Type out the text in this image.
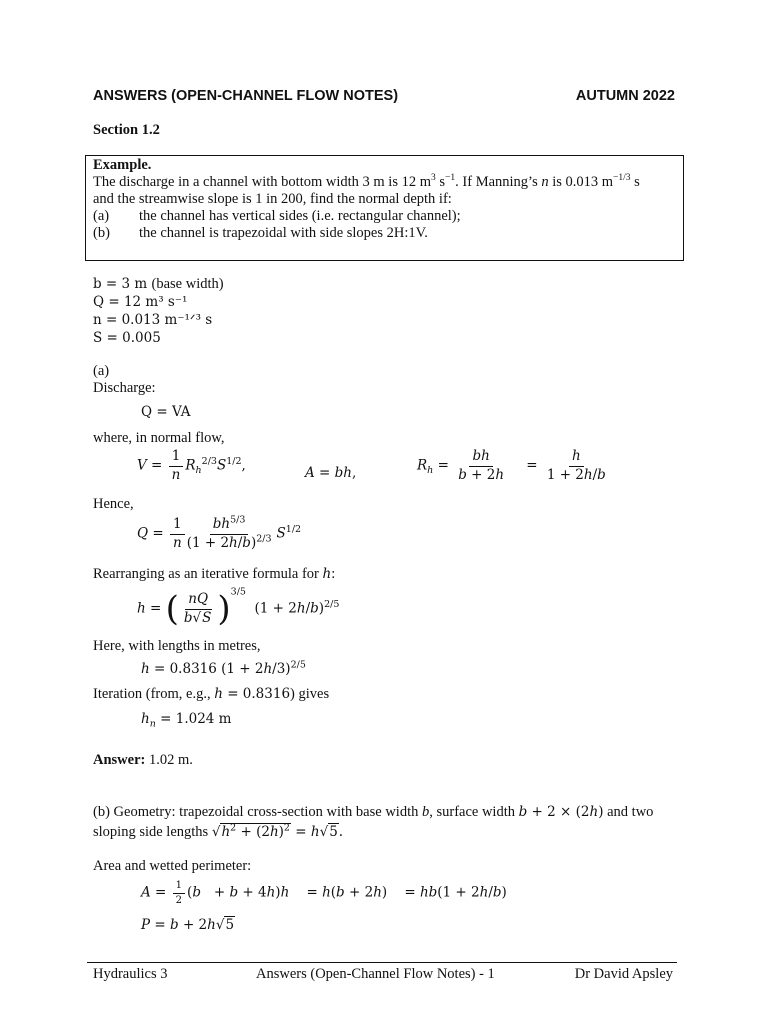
ANSWERS (OPEN-CHANNEL FLOW NOTES)	AUTUMN 2022
Section 1.2
Example.
The discharge in a channel with bottom width 3 m is 12 $m^3$ $s^{-1}$. If Manning’s n is 0.013 $m^{-1/3}$ s
and the streamwise slope is 1 in 200, find the normal depth if:
(a) the channel has vertical sides (i.e. rectangular channel);
(b) the channel is trapezoidal with side slopes 2H:1V.
b = 3 m (base width)
Q = 12 m³ s⁻¹
n = 0.013 m⁻¹ᐟ³ s
S = 0.005
(a)
Discharge:
Q = VA
where, in normal flow,
$V = \frac{1}{n} R_h^{2/3}S^{1/2}$,	A = bh,	$R_h = \frac{bh}{b + 2h} = \frac{h}{1 + 2h/b}$
Hence,
$Q = \frac{1}{n} \frac{bh^{5/3}}{(1 + 2h/b)^{2/3}} S^{1/2}$
Rearranging as an iterative formula for h:
h = ( $\frac{nQ}{b√S} )^{3/5}$  $(1 + 2h/b)^{2/5}$
Here, with lengths in metres,
h = 0.8316 $(1 + 2h/3)^{2/5}$
Iteration (from, e.g., h = 0.8316) gives
$h_n = 1.024$ m
Answer: 1.02 m.
(b) Geometry: trapezoidal cross-section with base width b, surface width b + 2 × (2h) and two
sloping side lengths $√h^2 + (2h)^2 = h√5$.
Area and wetted perimeter:
$A = \frac{1}{2} (b + b + 4h)h$    = h(b + 2h)    = hb(1 + 2h/b)
P = b + 2h√5
Hydraulics 3	Answers (Open-Channel Flow Notes) - 1	Dr David Apsley
